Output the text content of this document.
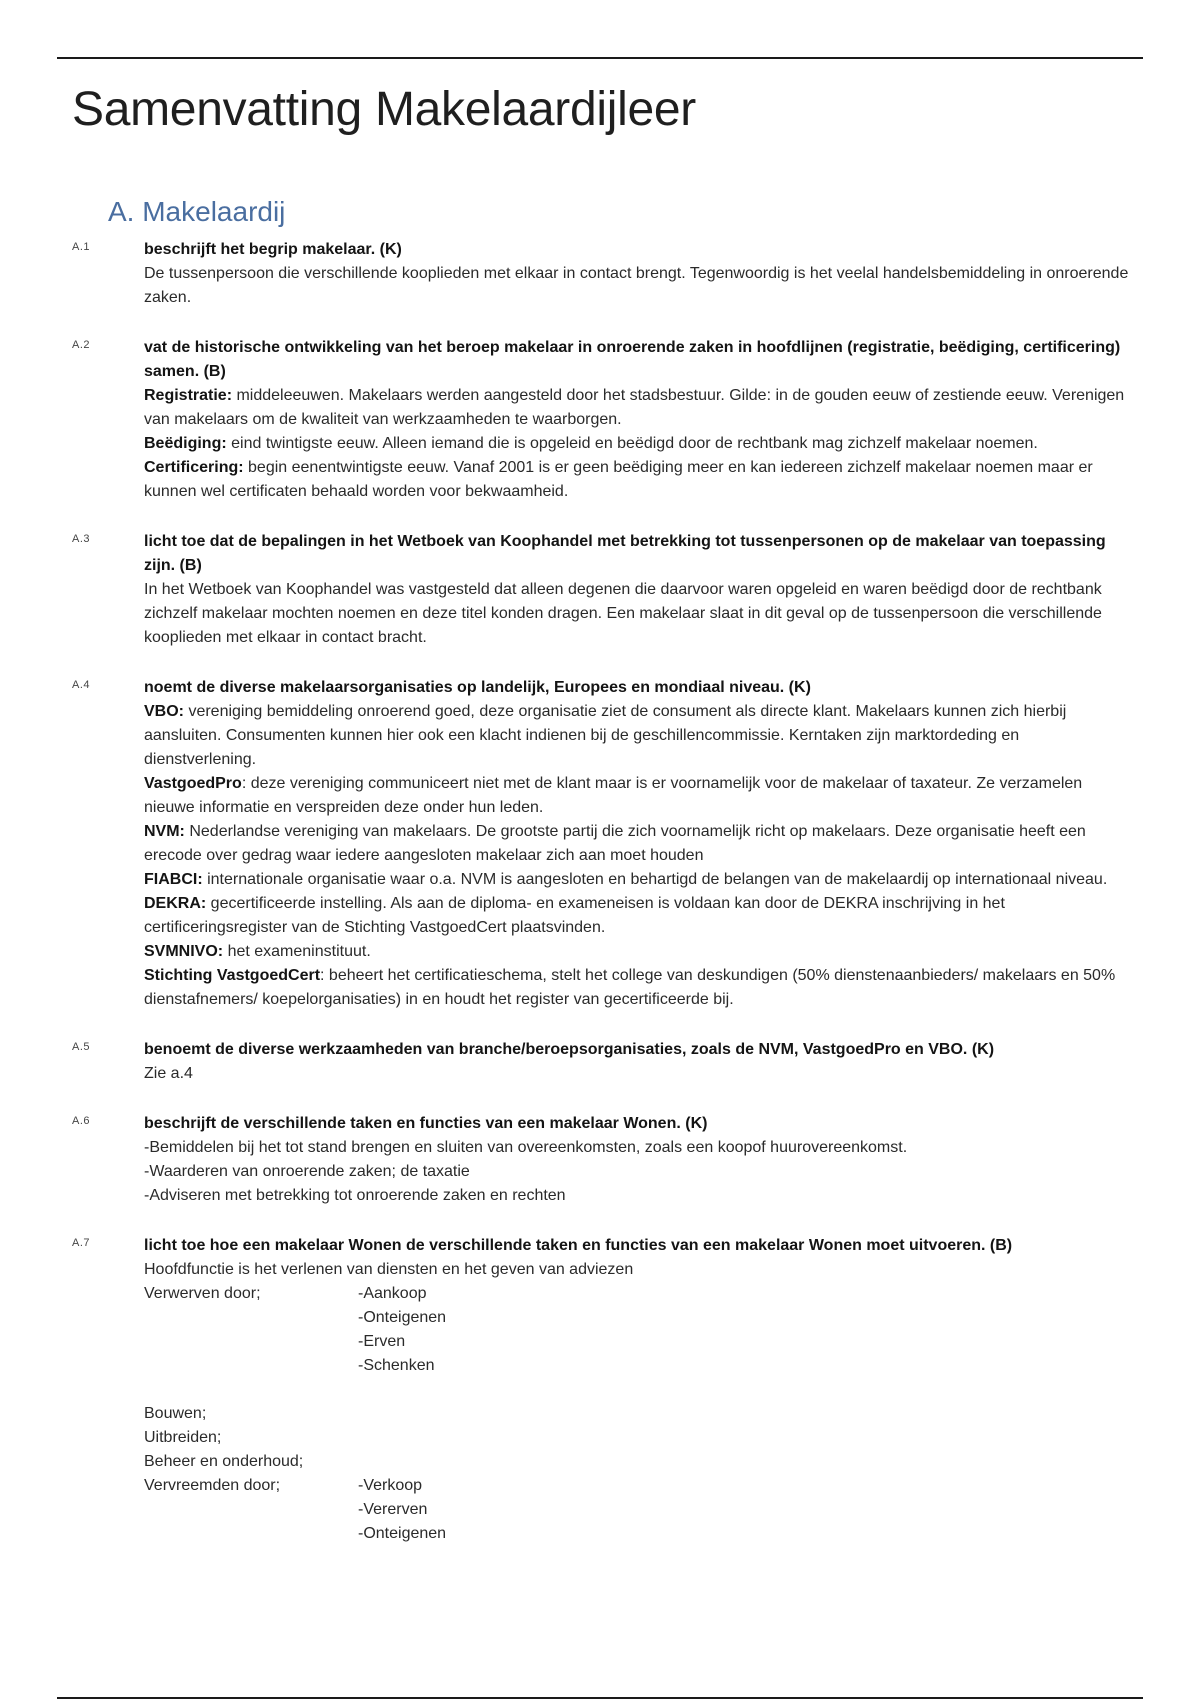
Samenvatting Makelaardijleer
A. Makelaardij
A.1	beschrijft het begrip makelaar. (K)
De tussenpersoon die verschillende kooplieden met elkaar in contact brengt. Tegenwoordig is het veelal handelsbemiddeling in onroerende zaken.
A.2	vat de historische ontwikkeling van het beroep makelaar in onroerende zaken in hoofdlijnen (registratie, beëdiging, certificering) samen. (B)
Registratie: middeleeuwen. Makelaars werden aangesteld door het stadsbestuur. Gilde: in de gouden eeuw of zestiende eeuw. Verenigen van makelaars om de kwaliteit van werkzaamheden te waarborgen.
Beëdiging: eind twintigste eeuw. Alleen iemand die is opgeleid en beëdigd door de rechtbank mag zichzelf makelaar noemen.
Certificering: begin eenentwintigste eeuw. Vanaf 2001 is er geen beëdiging meer en kan iedereen zichzelf makelaar noemen maar er kunnen wel certificaten behaald worden voor bekwaamheid.
A.3	licht toe dat de bepalingen in het Wetboek van Koophandel met betrekking tot tussenpersonen op de makelaar van toepassing zijn. (B)
In het Wetboek van Koophandel was vastgesteld dat alleen degenen die daarvoor waren opgeleid en waren beëdigd door de rechtbank zichzelf makelaar mochten noemen en deze titel konden dragen. Een makelaar slaat in dit geval op de tussenpersoon die verschillende kooplieden met elkaar in contact bracht.
A.4	noemt de diverse makelaarsorganisaties op landelijk, Europees en mondiaal niveau. (K)
VBO: vereniging bemiddeling onroerend goed, deze organisatie ziet de consument als directe klant. Makelaars kunnen zich hierbij aansluiten. Consumenten kunnen hier ook een klacht indienen bij de geschillencommissie. Kerntaken zijn marktordeding en dienstverlening.
VastgoedPro: deze vereniging communiceert niet met de klant maar is er voornamelijk voor de makelaar of taxateur. Ze verzamelen nieuwe informatie en verspreiden deze onder hun leden.
NVM: Nederlandse vereniging van makelaars. De grootste partij die zich voornamelijk richt op makelaars. Deze organisatie heeft een erecode over gedrag waar iedere aangesloten makelaar zich aan moet houden
FIABCI: internationale organisatie waar o.a. NVM is aangesloten en behartigd de belangen van de makelaardij op internationaal niveau.
DEKRA: gecertificeerde instelling. Als aan de diploma- en exameneisen is voldaan kan door de DEKRA inschrijving in het certificeringsregister van de Stichting VastgoedCert plaatsvinden.
SVMNIVO: het exameninstituut.
Stichting VastgoedCert: beheert het certificatieschema, stelt het college van deskundigen (50% dienstenaanbieders/ makelaars en 50% dienstafnemers/ koepelorganisaties) in en houdt het register van gecertificeerde bij.
A.5	benoemt de diverse werkzaamheden van branche/beroepsorganisaties, zoals de NVM, VastgoedPro en VBO. (K)
Zie a.4
A.6	beschrijft de verschillende taken en functies van een makelaar Wonen. (K)
-Bemiddelen bij het tot stand brengen en sluiten van overeenkomsten, zoals een koopof huurovereenkomst.
-Waarderen van onroerende zaken; de taxatie
-Adviseren met betrekking tot onroerende zaken en rechten
A.7	licht toe hoe een makelaar Wonen de verschillende taken en functies van een makelaar Wonen moet uitvoeren. (B)
Hoofdfunctie is het verlenen van diensten en het geven van adviezen
Verwerven door;	-Aankoop
-Onteigenen
-Erven
-Schenken
Bouwen;
Uitbreiden;
Beheer en onderhoud;
Vervreemden door;	-Verkoop
-Vererven
-Onteigenen
